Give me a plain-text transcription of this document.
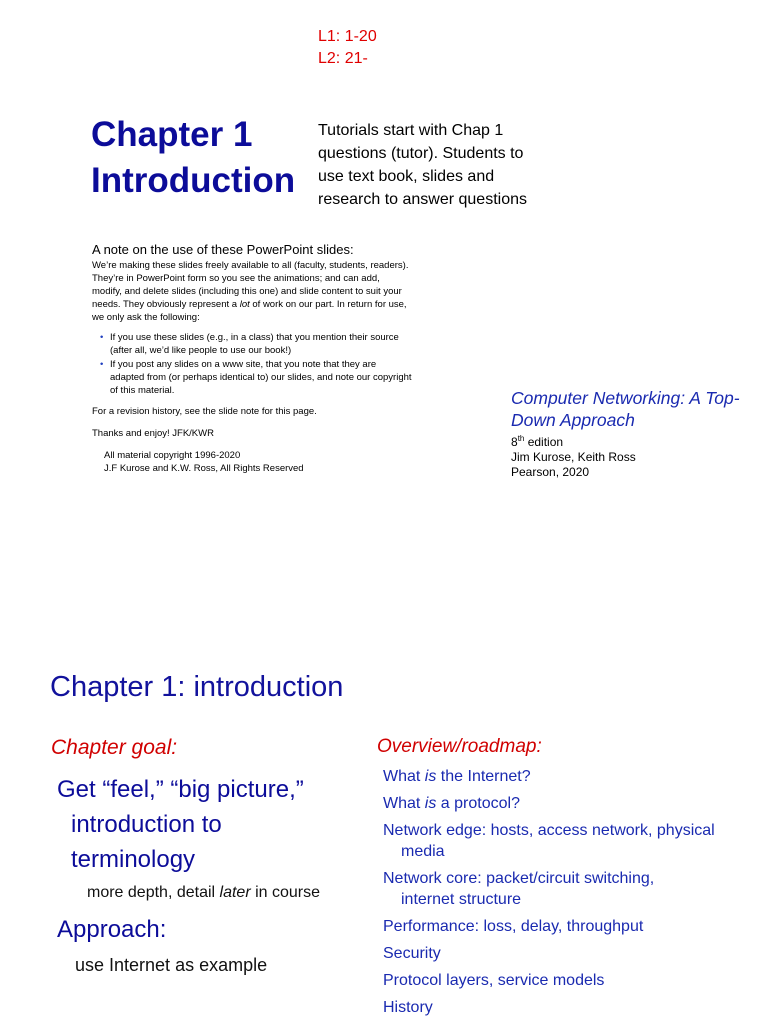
L1: 1-20
L2: 21-
Chapter 1
Introduction
Tutorials start with Chap 1 questions (tutor). Students to use text book, slides and research to answer questions
A note on the use of these PowerPoint slides:

We’re making these slides freely available to all (faculty, students, readers). They’re in PowerPoint form so you see the animations; and can add, modify, and delete slides (including this one) and slide content to suit your needs. They obviously represent a lot of work on our part. In return for use, we only ask the following:

• If you use these slides (e.g., in a class) that you mention their source (after all, we’d like people to use our book!)
• If you post any slides on a www site, that you note that they are adapted from (or perhaps identical to) our slides, and note our copyright of this material.

For a revision history, see the slide note for this page.

Thanks and enjoy! JFK/KWR

All material copyright 1996-2020
J.F Kurose and K.W. Ross, All Rights Reserved

Computer Networking: A Top-Down Approach
8th edition
Jim Kurose, Keith Ross
Pearson, 2020
Chapter 1: introduction
Chapter goal:
Get “feel,” “big picture,”
introduction to
terminology
more depth, detail later in course
Approach:
use Internet as example
Overview/roadmap:
What is the Internet?
What is a protocol?
Network edge: hosts, access network, physical
media
Network core: packet/circuit switching,
internet structure
Performance: loss, delay, throughput
Security
Protocol layers, service models
History
